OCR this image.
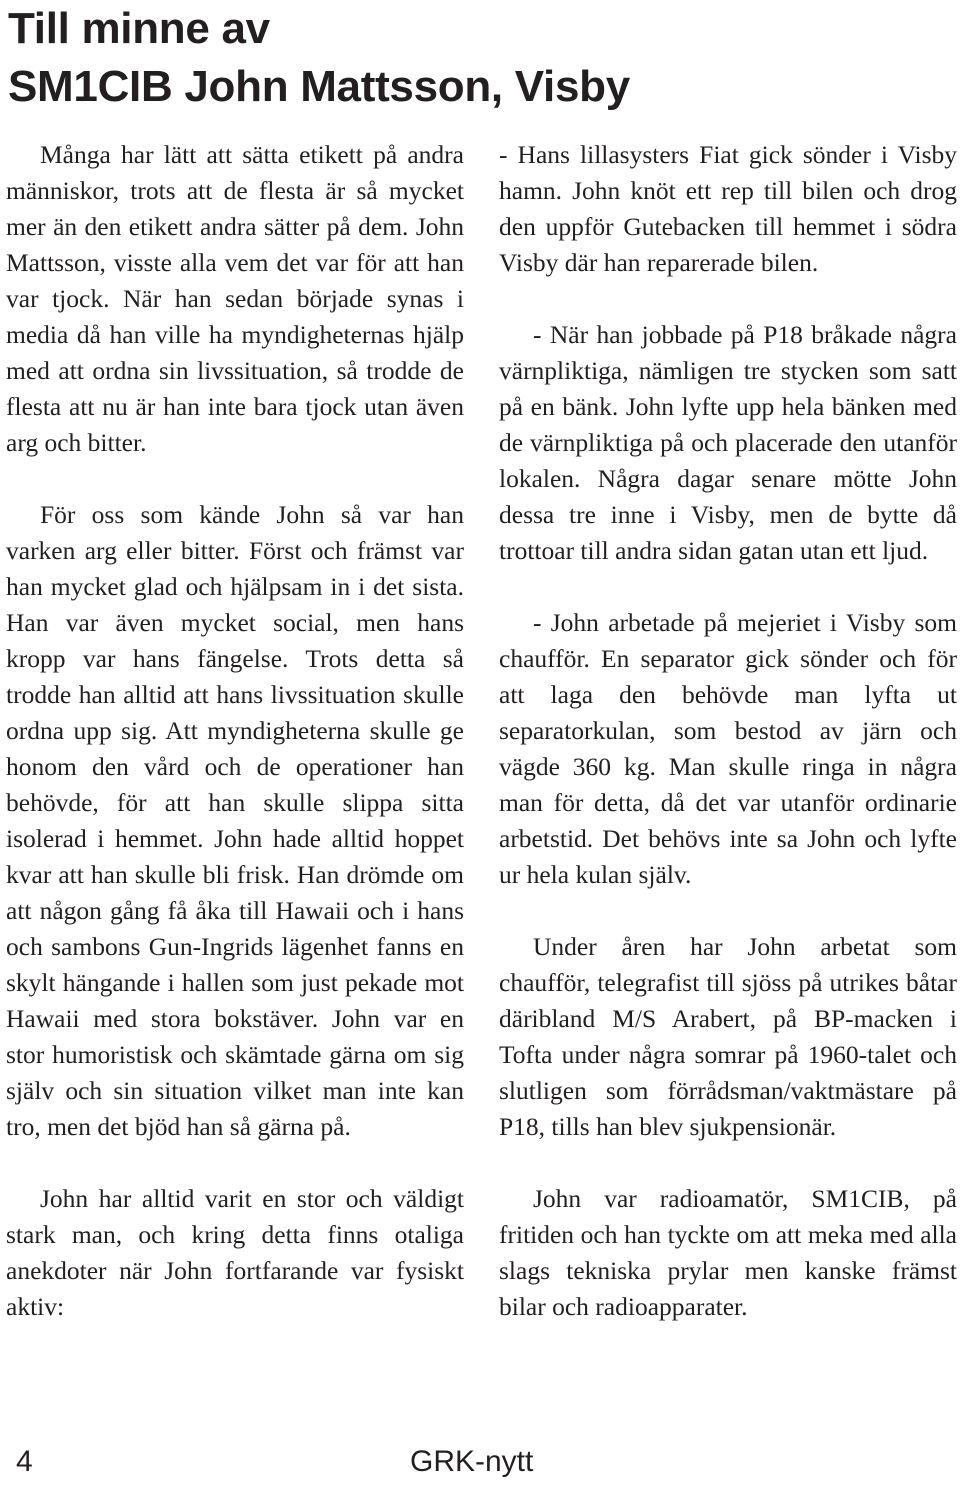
Till minne av
SM1CIB John Mattsson, Visby

Många har lätt att sätta etikett på andra människor, trots att de flesta är så mycket mer än den etikett andra sätter på dem. John Mattsson, visste alla vem det var för att han var tjock. När han sedan började synas i media då han ville ha myndigheternas hjälp med att ordna sin livssituation, så trodde de flesta att nu är han inte bara tjock utan även arg och bitter.

För oss som kände John så var han varken arg eller bitter. Först och främst var han mycket glad och hjälpsam in i det sista. Han var även mycket social, men hans kropp var hans fängelse. Trots detta så trodde han alltid att hans livssituation skulle ordna upp sig. Att myndigheterna skulle ge honom den vård och de operationer han behövde, för att han skulle slippa sitta isolerad i hemmet. John hade alltid hoppet kvar att han skulle bli frisk. Han drömde om att någon gång få åka till Hawaii och i hans och sambons Gun-Ingrids lägenhet fanns en skylt hängande i hallen som just pekade mot Hawaii med stora bokstäver. John var en stor humoristisk och skämtade gärna om sig själv och sin situation vilket man inte kan tro, men det bjöd han så gärna på.

John har alltid varit en stor och väldigt stark man, och kring detta finns otaliga anekdoter när John fortfarande var fysiskt aktiv:

- Hans lillasysters Fiat gick sönder i Visby hamn. John knöt ett rep till bilen och drog den uppför Gutebacken till hemmet i södra Visby där han reparerade bilen.

- När han jobbade på P18 bråkade några värnpliktiga, nämligen tre stycken som satt på en bänk. John lyfte upp hela bänken med de värnpliktiga på och placerade den utanför lokalen. Några dagar senare mötte John dessa tre inne i Visby, men de bytte då trottoar till andra sidan gatan utan ett ljud.

- John arbetade på mejeriet i Visby som chaufför. En separator gick sönder och för att laga den behövde man lyfta ut separatorkulan, som bestod av järn och vägde 360 kg. Man skulle ringa in några man för detta, då det var utanför ordinarie arbetstid. Det behövs inte sa John och lyfte ur hela kulan själv.

Under åren har John arbetat som chaufför, telegrafist till sjöss på utrikes båtar däribland M/S Arabert, på BP-macken i Tofta under några somrar på 1960-talet och slutligen som förrådsman/vaktmästare på P18, tills han blev sjukpensionär.

John var radioamatör, SM1CIB, på fritiden och han tyckte om att meka med alla slags tekniska prylar men kanske främst bilar och radioapparater.

4	GRK-nytt
